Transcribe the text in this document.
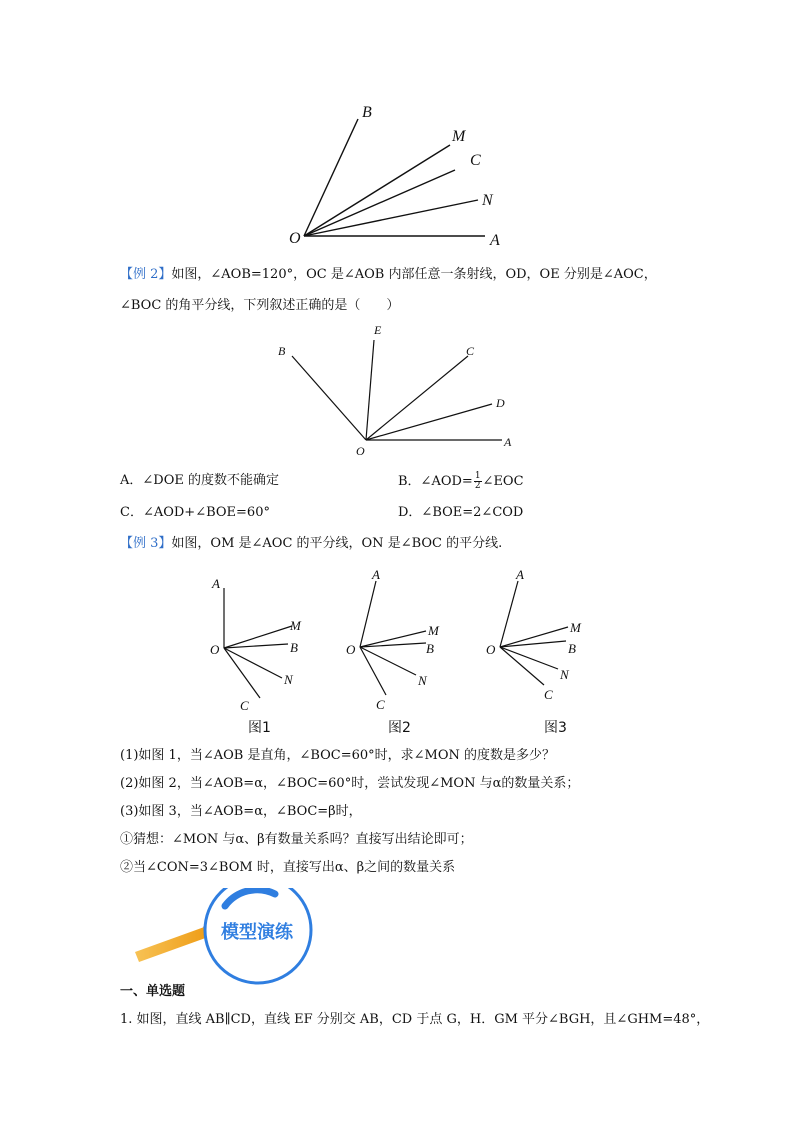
B
M
C
N
O	A
【例 2】如图，∠AOB=120°，OC 是∠AOB 内部任意一条射线，OD，OE 分别是∠AOC，
∠BOC 的角平分线，下列叙述正确的是（　　）
E
B	C
D
A
O
A．∠DOE 的度数不能确定	B．∠AOD= $\frac{1}{2}$ ∠EOC
C．∠AOD+∠BOE=60°	D．∠BOE=2∠COD
【例 3】如图，OM 是∠AOC 的平分线，ON 是∠BOC 的平分线.
A
M
O	B
N
C
图1
A
M
O	B
N
C
图2
A
M
O	B
N
C
图3
(1)如图 1，当∠AOB 是直角，∠BOC=60°时，求∠MON 的度数是多少？
(2)如图 2，当∠AOB=α，∠BOC=60°时，尝试发现∠MON 与α的数量关系；
(3)如图 3，当∠AOB=α，∠BOC=β时，
①猜想：∠MON 与α、β有数量关系吗？直接写出结论即可；
②当∠CON=3∠BOM 时，直接写出α、β之间的数量关系
模型演练
一、单选题
1. 如图，直线 AB∥CD，直线 EF 分别交 AB，CD 于点 G，H．GM 平分∠BGH，且∠GHM=48°，
